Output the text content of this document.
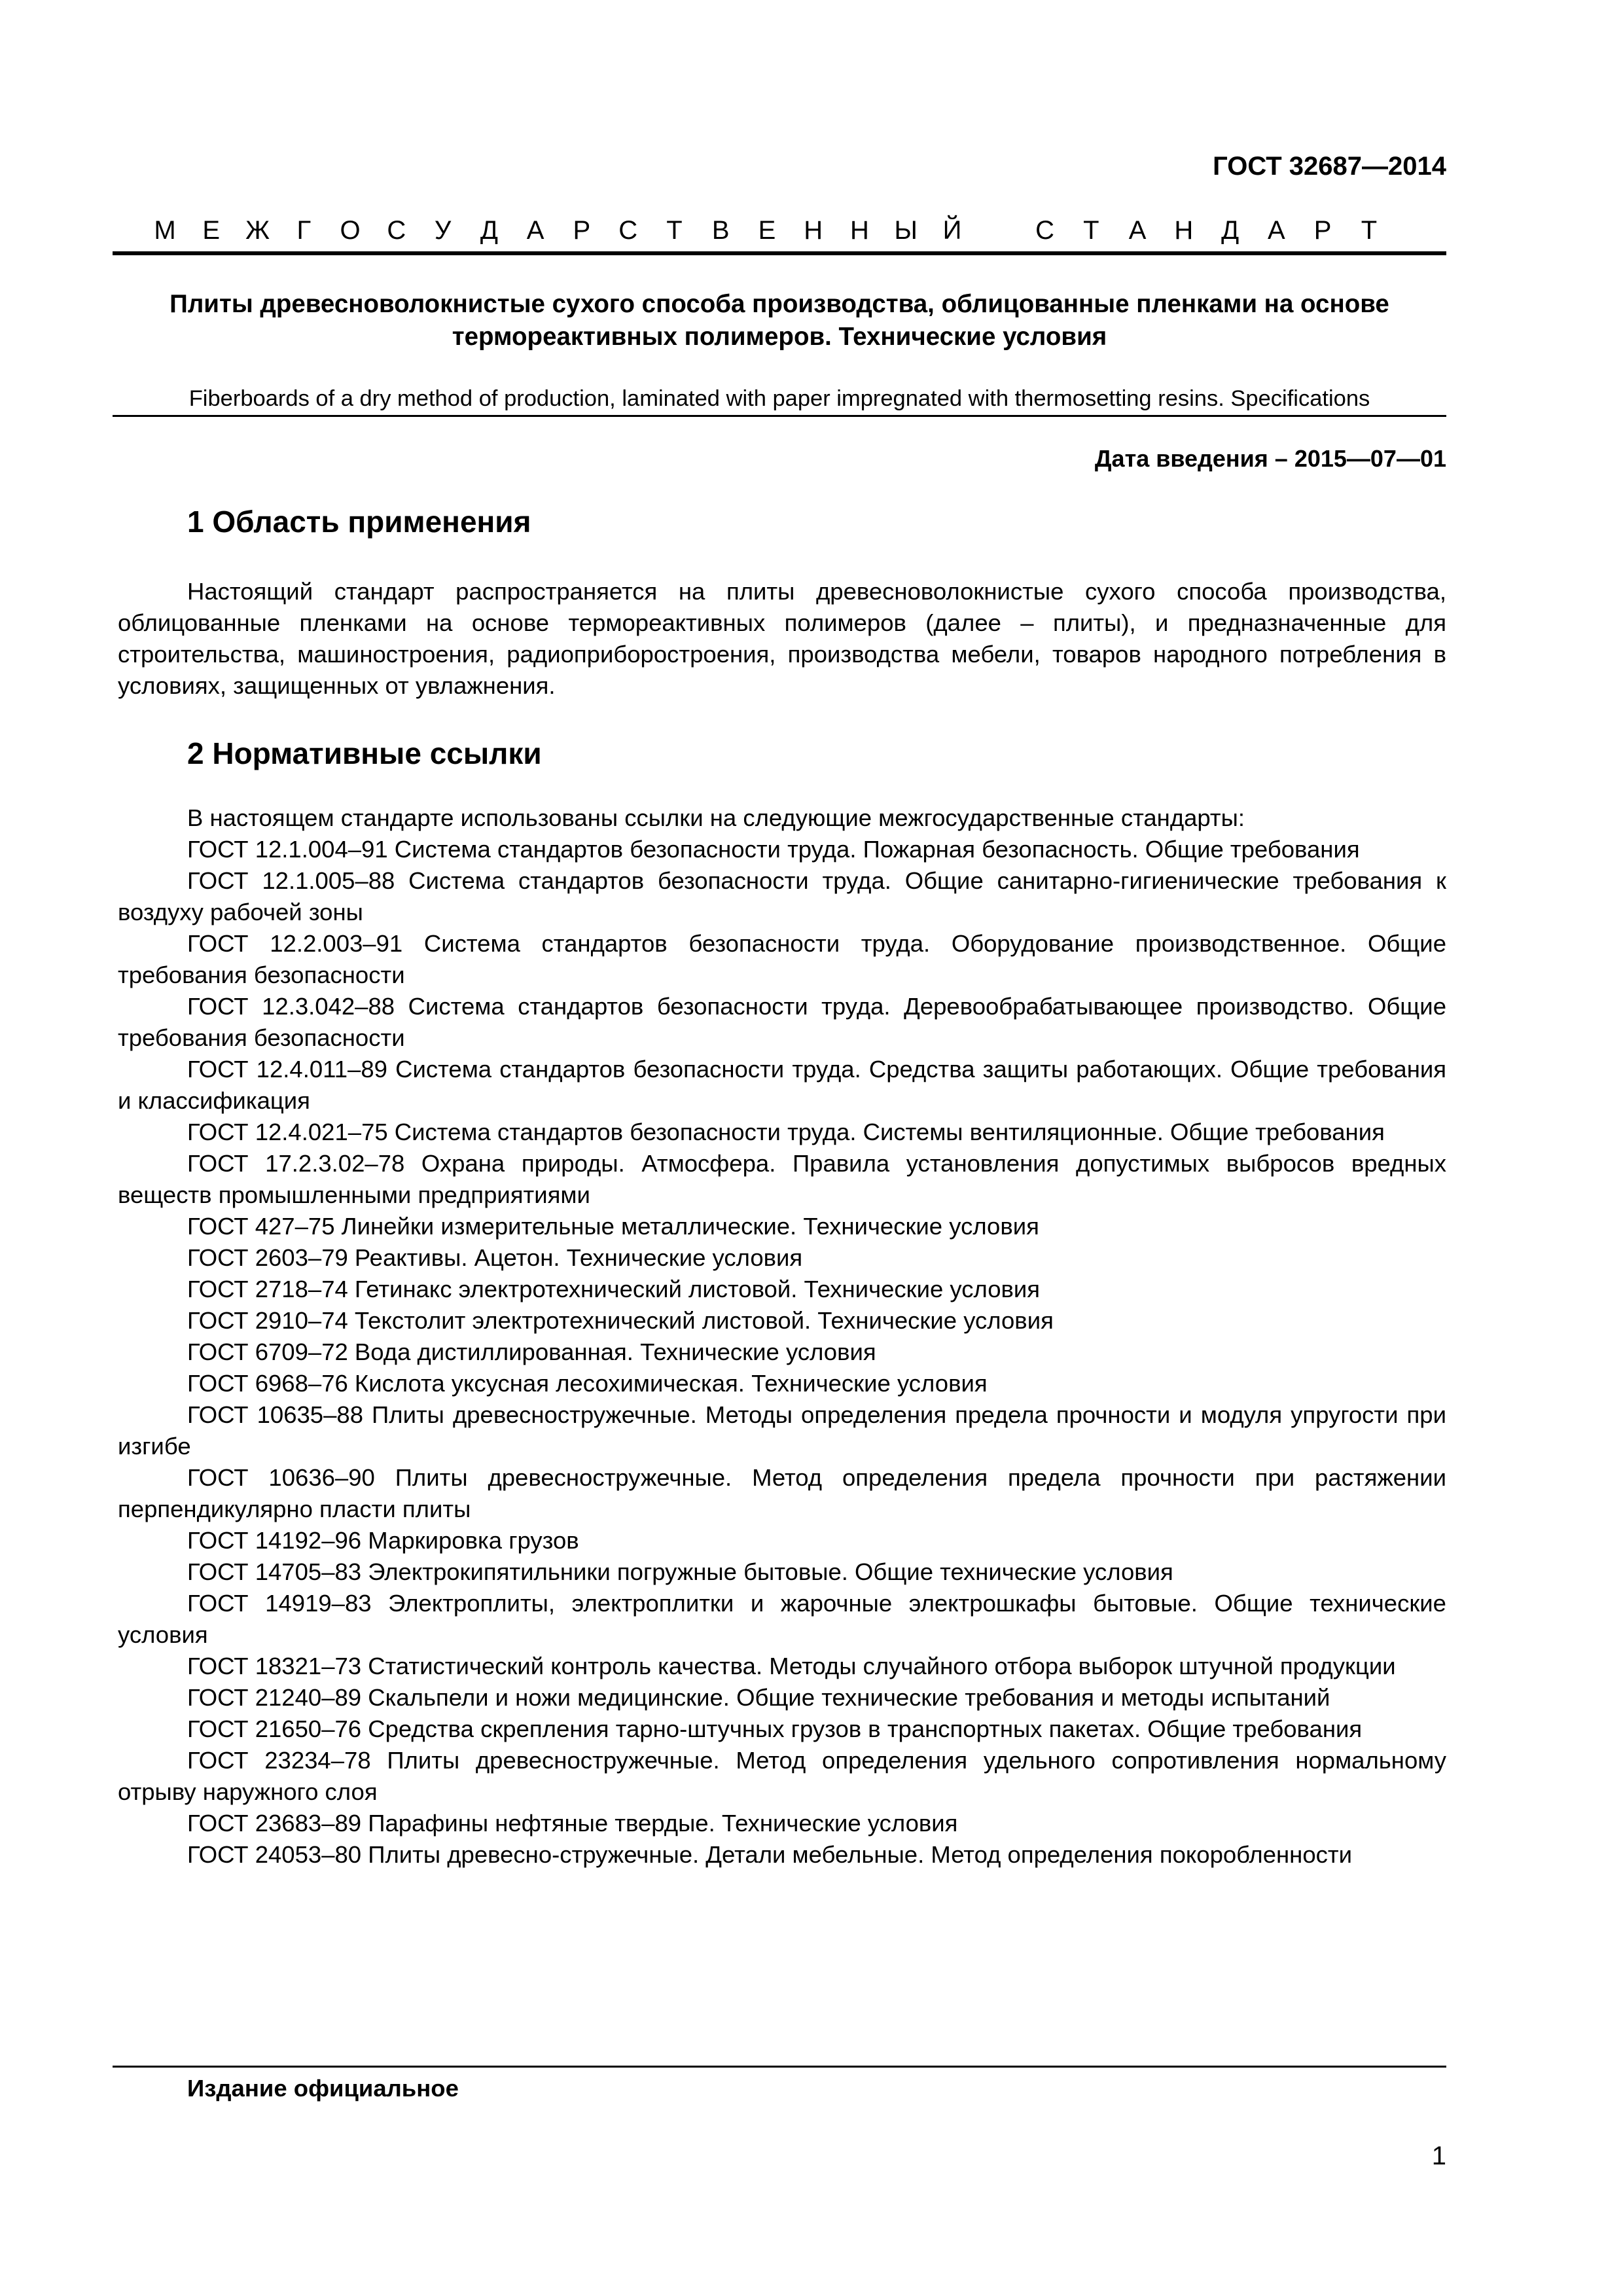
ГОСТ 32687—2014
М Е Ж Г О С У Д А Р С Т В Е Н Н Ы Й	С Т А Н Д А Р Т
Плиты древесноволокнистые сухого способа производства, облицованные пленками на основе термореактивных полимеров. Технические условия
Fiberboards of a dry method of production, laminated with paper impregnated with thermosetting resins. Specifications
Дата введения – 2015—07—01
1 Область применения

Настоящий стандарт распространяется на плиты древесноволокнистые сухого способа производства, облицованные пленками на основе термореактивных полимеров (далее – плиты), и предназначенные для строительства, машиностроения, радиоприборостроения, производства мебели, товаров народного потребления в условиях, защищенных от увлажнения.

2 Нормативные ссылки

В настоящем стандарте использованы ссылки на следующие межгосударственные стандарты:

ГОСТ 12.1.004–91 Система стандартов безопасности труда. Пожарная безопасность. Общие требования

ГОСТ 12.1.005–88 Система стандартов безопасности труда. Общие санитарно-гигиенические требования к воздуху рабочей зоны

ГОСТ 12.2.003–91 Система стандартов безопасности труда. Оборудование производственное. Общие требования безопасности

ГОСТ 12.3.042–88 Система стандартов безопасности труда. Деревообрабатывающее производство. Общие требования безопасности

ГОСТ 12.4.011–89 Система стандартов безопасности труда. Средства защиты работающих. Общие требования и классификация

ГОСТ 12.4.021–75 Система стандартов безопасности труда. Системы вентиляционные. Общие требования

ГОСТ 17.2.3.02–78 Охрана природы. Атмосфера. Правила установления допустимых выбросов вредных веществ промышленными предприятиями

ГОСТ 427–75 Линейки измерительные металлические. Технические условия

ГОСТ 2603–79 Реактивы. Ацетон. Технические условия

ГОСТ 2718–74 Гетинакс электротехнический листовой. Технические условия

ГОСТ 2910–74 Текстолит электротехнический листовой. Технические условия

ГОСТ 6709–72 Вода дистиллированная. Технические условия

ГОСТ 6968–76 Кислота уксусная лесохимическая. Технические условия

ГОСТ 10635–88 Плиты древесностружечные. Методы определения предела прочности и модуля упругости при изгибе

ГОСТ 10636–90 Плиты древесностружечные. Метод определения предела прочности при растяжении перпендикулярно пласти плиты

ГОСТ 14192–96 Маркировка грузов

ГОСТ 14705–83 Электрокипятильники погружные бытовые. Общие технические условия

ГОСТ 14919–83 Электроплиты, электроплитки и жарочные электрошкафы бытовые. Общие технические условия

ГОСТ 18321–73 Статистический контроль качества. Методы случайного отбора выборок штучной продукции

ГОСТ 21240–89 Скальпели и ножи медицинские. Общие технические требования и методы испытаний

ГОСТ 21650–76 Средства скрепления тарно-штучных грузов в транспортных пакетах. Общие требования

ГОСТ 23234–78 Плиты древесностружечные. Метод определения удельного сопротивления нормальному отрыву наружного слоя

ГОСТ 23683–89 Парафины нефтяные твердые. Технические условия

ГОСТ 24053–80 Плиты древесно-стружечные. Детали мебельные. Метод определения покоробленности

Издание официальное
1
